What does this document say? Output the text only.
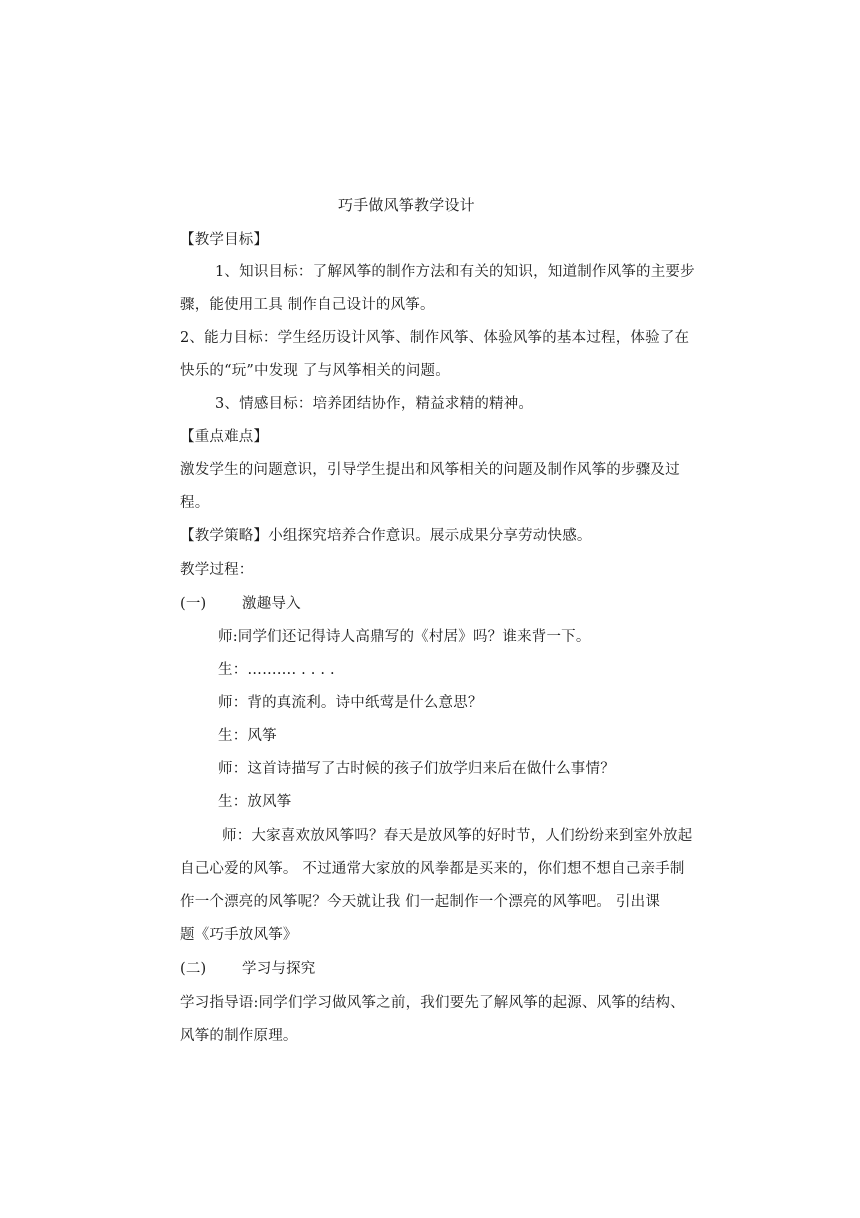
巧手做风筝教学设计
【教学目标】
1、知识目标：了解风筝的制作方法和有关的知识，知道制作风筝的主要步
骤，能使用工具 制作自己设计的风筝。
2、能力目标：学生经历设计风筝、制作风筝、体验风筝的基本过程，体验了在
快乐的“玩”中发现 了与风筝相关的问题。
3、情感目标：培养团结协作，精益求精的精神。
【重点难点】
激发学生的问题意识，引导学生提出和风筝相关的问题及制作风筝的步骤及过
程。
【教学策略】小组探究培养合作意识。展示成果分享劳动快感。
教学过程：
(一) 激趣导入
师:同学们还记得诗人高鼎写的《村居》吗？谁来背一下。
生：………. . . . .
师：背的真流利。诗中纸莺是什么意思？
生：风筝
师：这首诗描写了古时候的孩子们放学归来后在做什么事情？
生：放风筝
师：大家喜欢放风筝吗？春天是放风筝的好时节，人们纷纷来到室外放起
自己心爱的风筝。 不过通常大家放的风拳都是买来的，你们想不想自己亲手制
作一个漂亮的风筝呢？今天就让我 们一起制作一个漂亮的风筝吧。 引出课
题《巧手放风筝》
(二) 学习与探究
学习指导语:同学们学习做风筝之前，我们要先了解风筝的起源、风筝的结构、
风筝的制作原理。
